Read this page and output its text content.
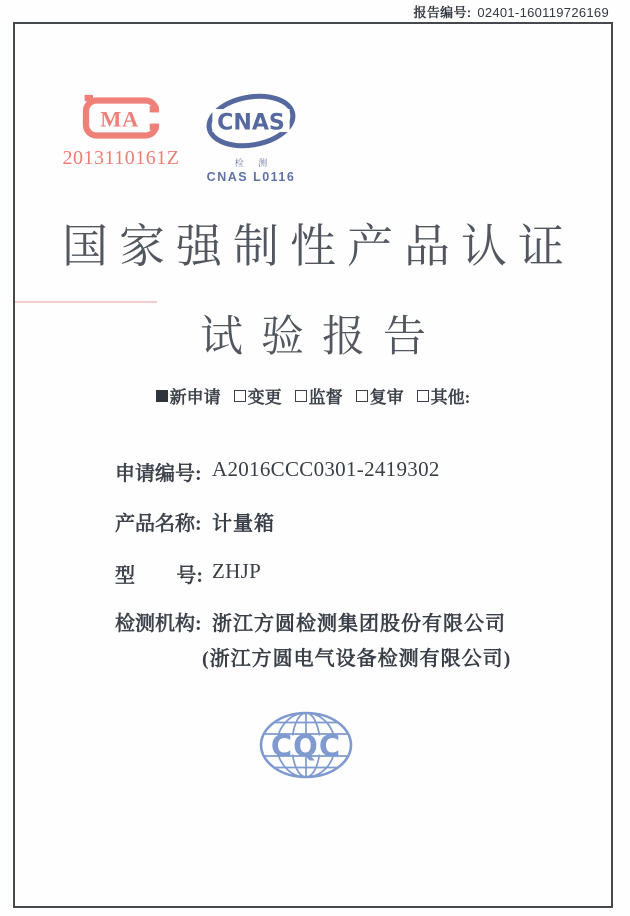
报告编号: 02401-160119726169
MA
2013110161Z
CNAS
检 测
CNAS L0116
国家强制性产品认证
试验报告
新申请 变更 监督 复审 其他:
申请编号: A2016CCC0301-2419302
产品名称: 计量箱
型 号: ZHJP
检测机构: 浙江方圆检测集团股份有限公司
(浙江方圆电气设备检测有限公司)
CQC
